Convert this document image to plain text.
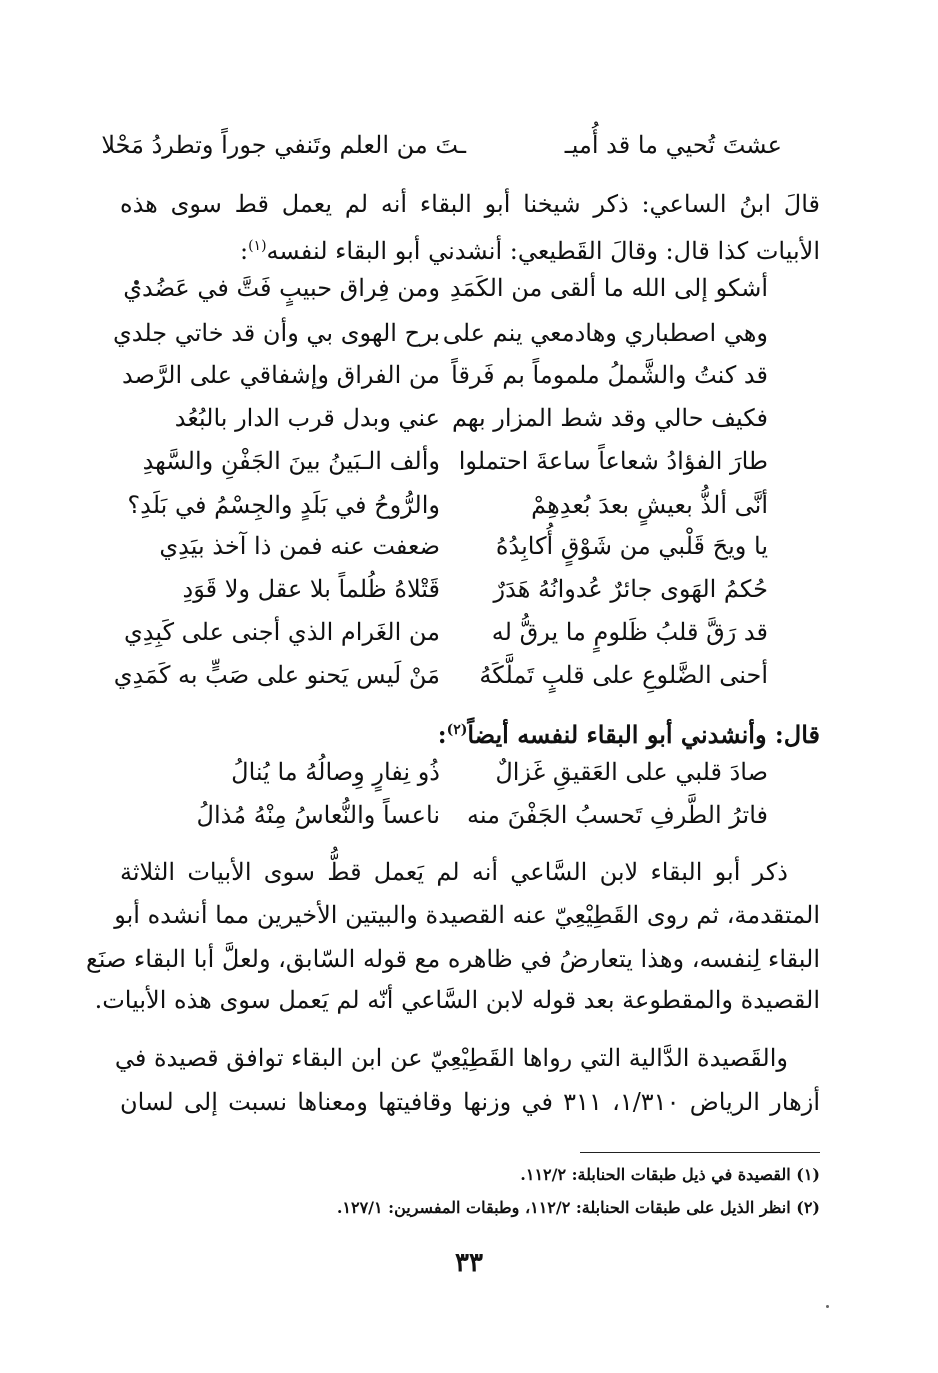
عشتَ تُحيي ما قد أُميـ
ـتَ من العلم وتَنفي جوراً وتطردُ مَحْلا
قالَ ابنُ الساعي: ذكر شيخنا أبو البقاء أنه لم يعمل قط سوى هذه
الأبيات كذا قال: وقالَ القَطيعي: أنشدني أبو البقاء لنفسه$^{(١)}$:
أشكو إلى الله ما ألقى من الكَمَدِ
ومن فِراق حبيبٍ فَتَّ في عَضُدي
وهي اصطباري وهادمعي ينم على
برح الهوى بي وأن قد خاتي جلدي
قد كنتُ والشَّملُ ملموماً بم فَرقاً
من الفراق وإشفاقي على الرَّصد
فكيف حالي وقد شط المزار بهم
عني وبدل قرب الدار بالبُعُد
طارَ الفؤادُ شعاعاً ساعةَ احتملوا
وألف الـبَينُ بينَ الجَفْنِ والسَّهدِ
أنَّى ألذُّ بعيشٍ بعدَ بُعدِهِمْ
والرُّوحُ في بَلَدٍ والجِسْمُ في بَلَدِ؟
يا ويحَ قَلْبي من شَوْقٍ أُكابِدُهُ
ضعفت عنه فمن ذا آخذ بيَدِي
حُكمُ الهَوى جائرٌ عُدوانُهُ هَدَرٌ
قَتْلاهُ ظُلماً بلا عقل ولا قَوَدِ
قد رَقَّ قلبُ ظَلومٍ ما يرقُّ له
من الغَرام الذي أجنى على كَبِدِي
أحنى الضَّلوعِ على قلبٍ تَملَّكَهُ
مَنْ لَيس يَحنو على صَبٍّ به كَمَدِي
قال: وأنشدني أبو البقاء لنفسه أيضاً$^{(٢)}$:
صادَ قلبي على العَقيقِ غَزالٌ
ذُو نِفارٍ وِصالُهُ ما يُنالُ
فاترُ الطَّرفِ تَحسبُ الجَفْنَ منه
ناعساً والنُّعاسُ مِنْهُ مُذالُ
ذكر أبو البقاء لابن السَّاعي أنه لم يَعمل قطُّ سوى الأبيات الثلاثة
المتقدمة، ثم روى القَطِيْعِيّ عنه القصيدة والبيتين الأخيرين مما أنشده أبو
البقاء لِنفسه، وهذا يتعارضُ في ظاهره مع قوله السّابق، ولعلَّ أبا البقاء صنَع
القصيدة والمقطوعة بعد قوله لابن السَّاعي أنّه لم يَعمل سوى هذه الأبيات.
والقَصيدة الدَّالية التي رواها القَطِيْعِيّ عن ابن البقاء توافق قصيدة في
أزهار الرياض ١/٣١٠، ٣١١ في وزنها وقافيتها ومعناها نسبت إلى لسان
(١) القصيدة في ذيل طبقات الحنابلة: ١١٢/٢.
(٢) انظر الذيل على طبقات الحنابلة: ١١٢/٢، وطبقات المفسرين: ١٢٧/١.
٣٣
